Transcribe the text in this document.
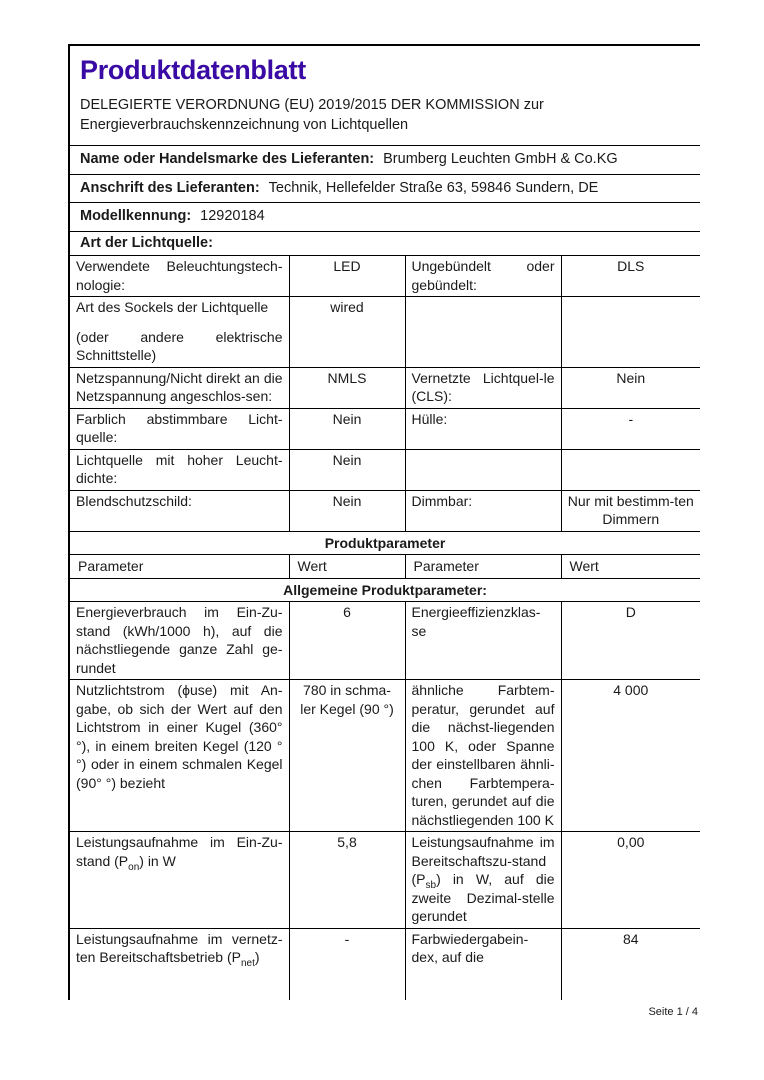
Produktdatenblatt
DELEGIERTE VERORDNUNG (EU) 2019/2015 DER KOMMISSION zur
Energieverbrauchskennzeichnung von Lichtquellen

Name oder Handelsmarke des Lieferanten: Brumberg Leuchten GmbH & Co.KG			
Anschrift des Lieferanten: Technik, Hellefelder Straße 63, 59846 Sundern, DE			
Modellkennung: 12920184			
Art der Lichtquelle:			

Verwendete Beleuchtungstech-nologie:	LED	Ungebündelt oder gebündelt:	DLS

Art des Sockels der Lichtquelle

(oder andere elektrische Schnittstelle)	wired		

Netzspannung/Nicht direkt an die Netzspannung angeschlos-sen:	NMLS	Vernetzte Lichtquel-le (CLS):	Nein

Farblich abstimmbare Licht-quelle:	Nein	Hülle:	-

Lichtquelle mit hoher Leucht-dichte:	Nein		

Blendschutzschild:	Nein	Dimmbar:	Nur mit bestimm-ten Dimmern

Produktparameter			
Parameter	Wert	Parameter	Wert
Allgemeine Produktparameter:			

Energieverbrauch im Ein-Zu-stand (kWh/1000 h), auf die nächstliegende ganze Zahl ge-rundet	6	Energieeffizienzklas-se	D

Nutzlichtstrom (ϕuse) mit An-gabe, ob sich der Wert auf den Lichtstrom in einer Kugel (360° °), in einem breiten Kegel (120 °°) oder in einem schmalen Kegel (90° °) bezieht	780 in schma-ler Kegel (90 °)	ähnliche Farbtem-peratur, gerundet auf die nächst-liegenden 100 K, oder Spanne der einstellbaren ähnli-chen Farbtempera-turen, gerundet auf die nächstliegenden 100 K	4 000

Leistungsaufnahme im Ein-Zu-stand $(P_{on})$ in W	5,8	Leistungsaufnahme im Bereitschaftszu-stand $(P_{sb})$ in W, auf die zweite Dezimal-stelle gerundet	0,00

Leistungsaufnahme im vernetz-ten Bereitschaftsbetrieb $(P_{net})$	-	Farbwiedergabein-dex, auf die	84
Seite 1 / 4
